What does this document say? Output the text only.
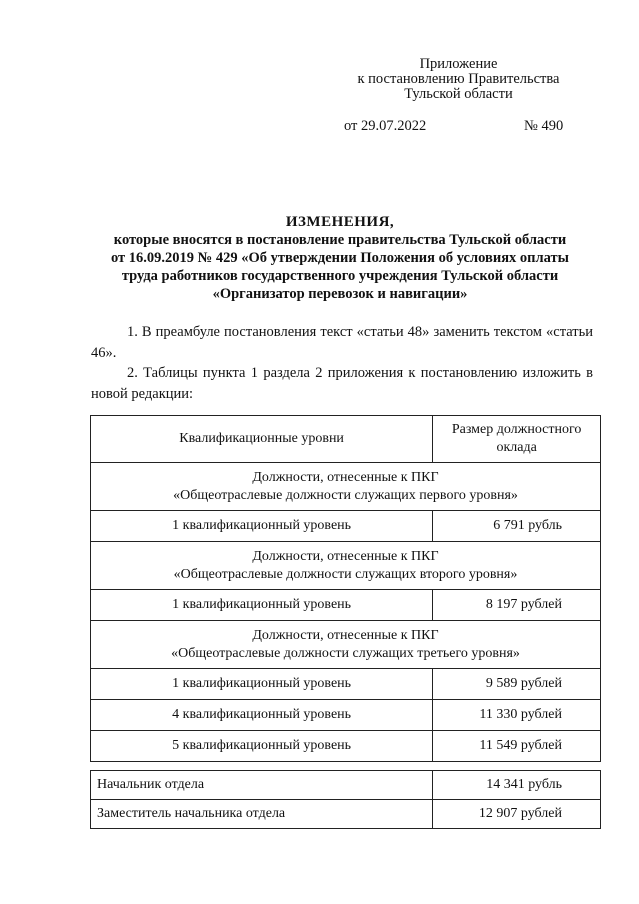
Приложение
к постановлению Правительства
Тульской области
от 29.07.2022	№ 490
ИЗМЕНЕНИЯ,
которые вносятся в постановление правительства Тульской области
от 16.09.2019 № 429 «Об утверждении Положения об условиях оплаты
труда работников государственного учреждения Тульской области
«Организатор перевозок и навигации»

1. В преамбуле постановления текст «статьи 48» заменить текстом «статьи 46».

2. Таблицы пункта 1 раздела 2 приложения к постановлению изложить в новой редакции:

Квалификационные уровни	Размер должностного
оклада

Должности, отнесенные к ПКГ
«Общеотраслевые должности служащих первого уровня»	

1 квалификационный уровень	6 791 рубль

Должности, отнесенные к ПКГ
«Общеотраслевые должности служащих второго уровня»	

1 квалификационный уровень	8 197 рублей

Должности, отнесенные к ПКГ
«Общеотраслевые должности служащих третьего уровня»	

1 квалификационный уровень	9 589 рублей
4 квалификационный уровень	11 330 рублей
5 квалификационный уровень	11 549 рублей
Начальник отдела	14 341 рубль
Заместитель начальника отдела	12 907 рублей
